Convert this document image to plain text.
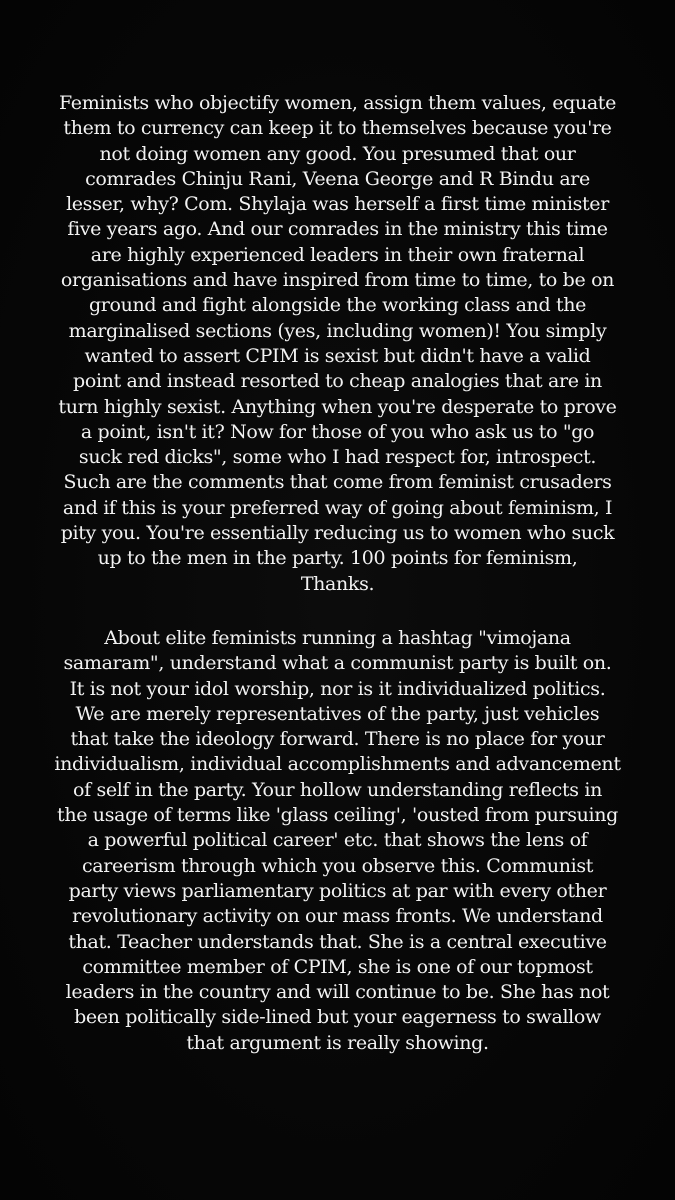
Feminists who objectify women, assign them values, equate
them to currency can keep it to themselves because you're
not doing women any good. You presumed that our
comrades Chinju Rani, Veena George and R Bindu are
lesser, why? Com. Shylaja was herself a first time minister
five years ago. And our comrades in the ministry this time
are highly experienced leaders in their own fraternal
organisations and have inspired from time to time, to be on
ground and fight alongside the working class and the
marginalised sections (yes, including women)! You simply
wanted to assert CPIM is sexist but didn't have a valid
point and instead resorted to cheap analogies that are in
turn highly sexist. Anything when you're desperate to prove
a point, isn't it? Now for those of you who ask us to "go
suck red dicks", some who I had respect for, introspect.
Such are the comments that come from feminist crusaders
and if this is your preferred way of going about feminism, I
pity you. You're essentially reducing us to women who suck
up to the men in the party. 100 points for feminism,
Thanks.
About elite feminists running a hashtag "vimojana
samaram", understand what a communist party is built on.
It is not your idol worship, nor is it individualized politics.
We are merely representatives of the party, just vehicles
that take the ideology forward. There is no place for your
individualism, individual accomplishments and advancement
of self in the party. Your hollow understanding reflects in
the usage of terms like 'glass ceiling', 'ousted from pursuing
a powerful political career' etc. that shows the lens of
careerism through which you observe this. Communist
party views parliamentary politics at par with every other
revolutionary activity on our mass fronts. We understand
that. Teacher understands that. She is a central executive
committee member of CPIM, she is one of our topmost
leaders in the country and will continue to be. She has not
been politically side-lined but your eagerness to swallow
that argument is really showing.
